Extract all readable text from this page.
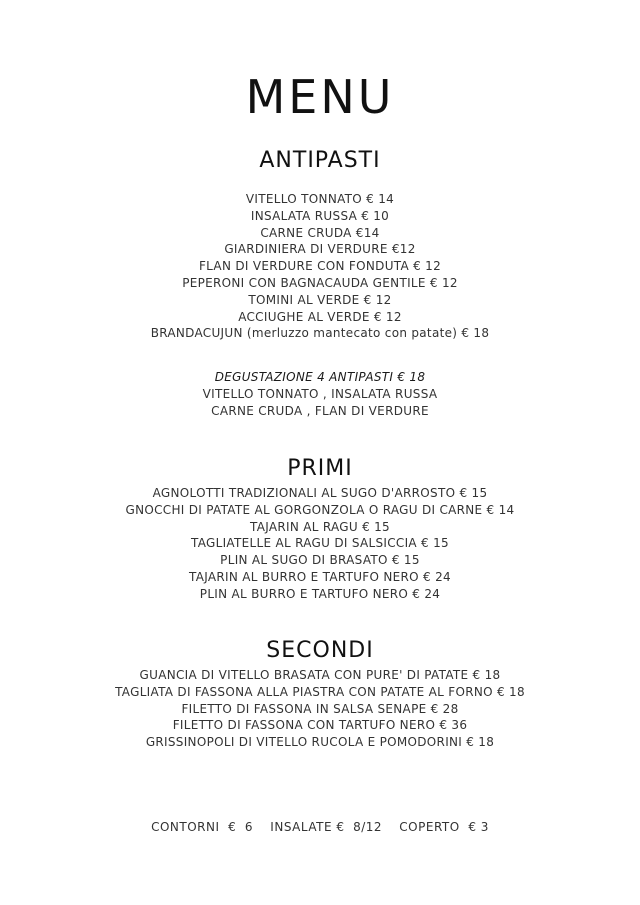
MENU
ANTIPASTI
VITELLO TONNATO € 14
INSALATA RUSSA € 10
CARNE CRUDA €14
GIARDINIERA DI VERDURE €12
FLAN DI VERDURE CON FONDUTA € 12
PEPERONI CON BAGNACAUDA GENTILE € 12
TOMINI AL VERDE € 12
ACCIUGHE AL VERDE € 12
BRANDACUJUN (merluzzo mantecato con patate) € 18
DEGUSTAZIONE 4 ANTIPASTI € 18
VITELLO TONNATO , INSALATA RUSSA
CARNE CRUDA , FLAN DI VERDURE
PRIMI
AGNOLOTTI TRADIZIONALI AL SUGO D'ARROSTO € 15
GNOCCHI DI PATATE AL GORGONZOLA O RAGU DI CARNE € 14
TAJARIN AL RAGU € 15
TAGLIATELLE AL RAGU DI SALSICCIA € 15
PLIN AL SUGO DI BRASATO € 15
TAJARIN AL BURRO E TARTUFO NERO € 24
PLIN AL BURRO E TARTUFO NERO € 24
SECONDI
GUANCIA DI VITELLO BRASATA CON PURE' DI PATATE € 18
TAGLIATA DI FASSONA ALLA PIASTRA CON PATATE AL FORNO € 18
FILETTO DI FASSONA IN SALSA SENAPE € 28
FILETTO DI FASSONA CON TARTUFO NERO € 36
GRISSINOPOLI DI VITELLO RUCOLA E POMODORINI € 18
CONTORNI  €  6    INSALATE €  8/12    COPERTO  € 3
